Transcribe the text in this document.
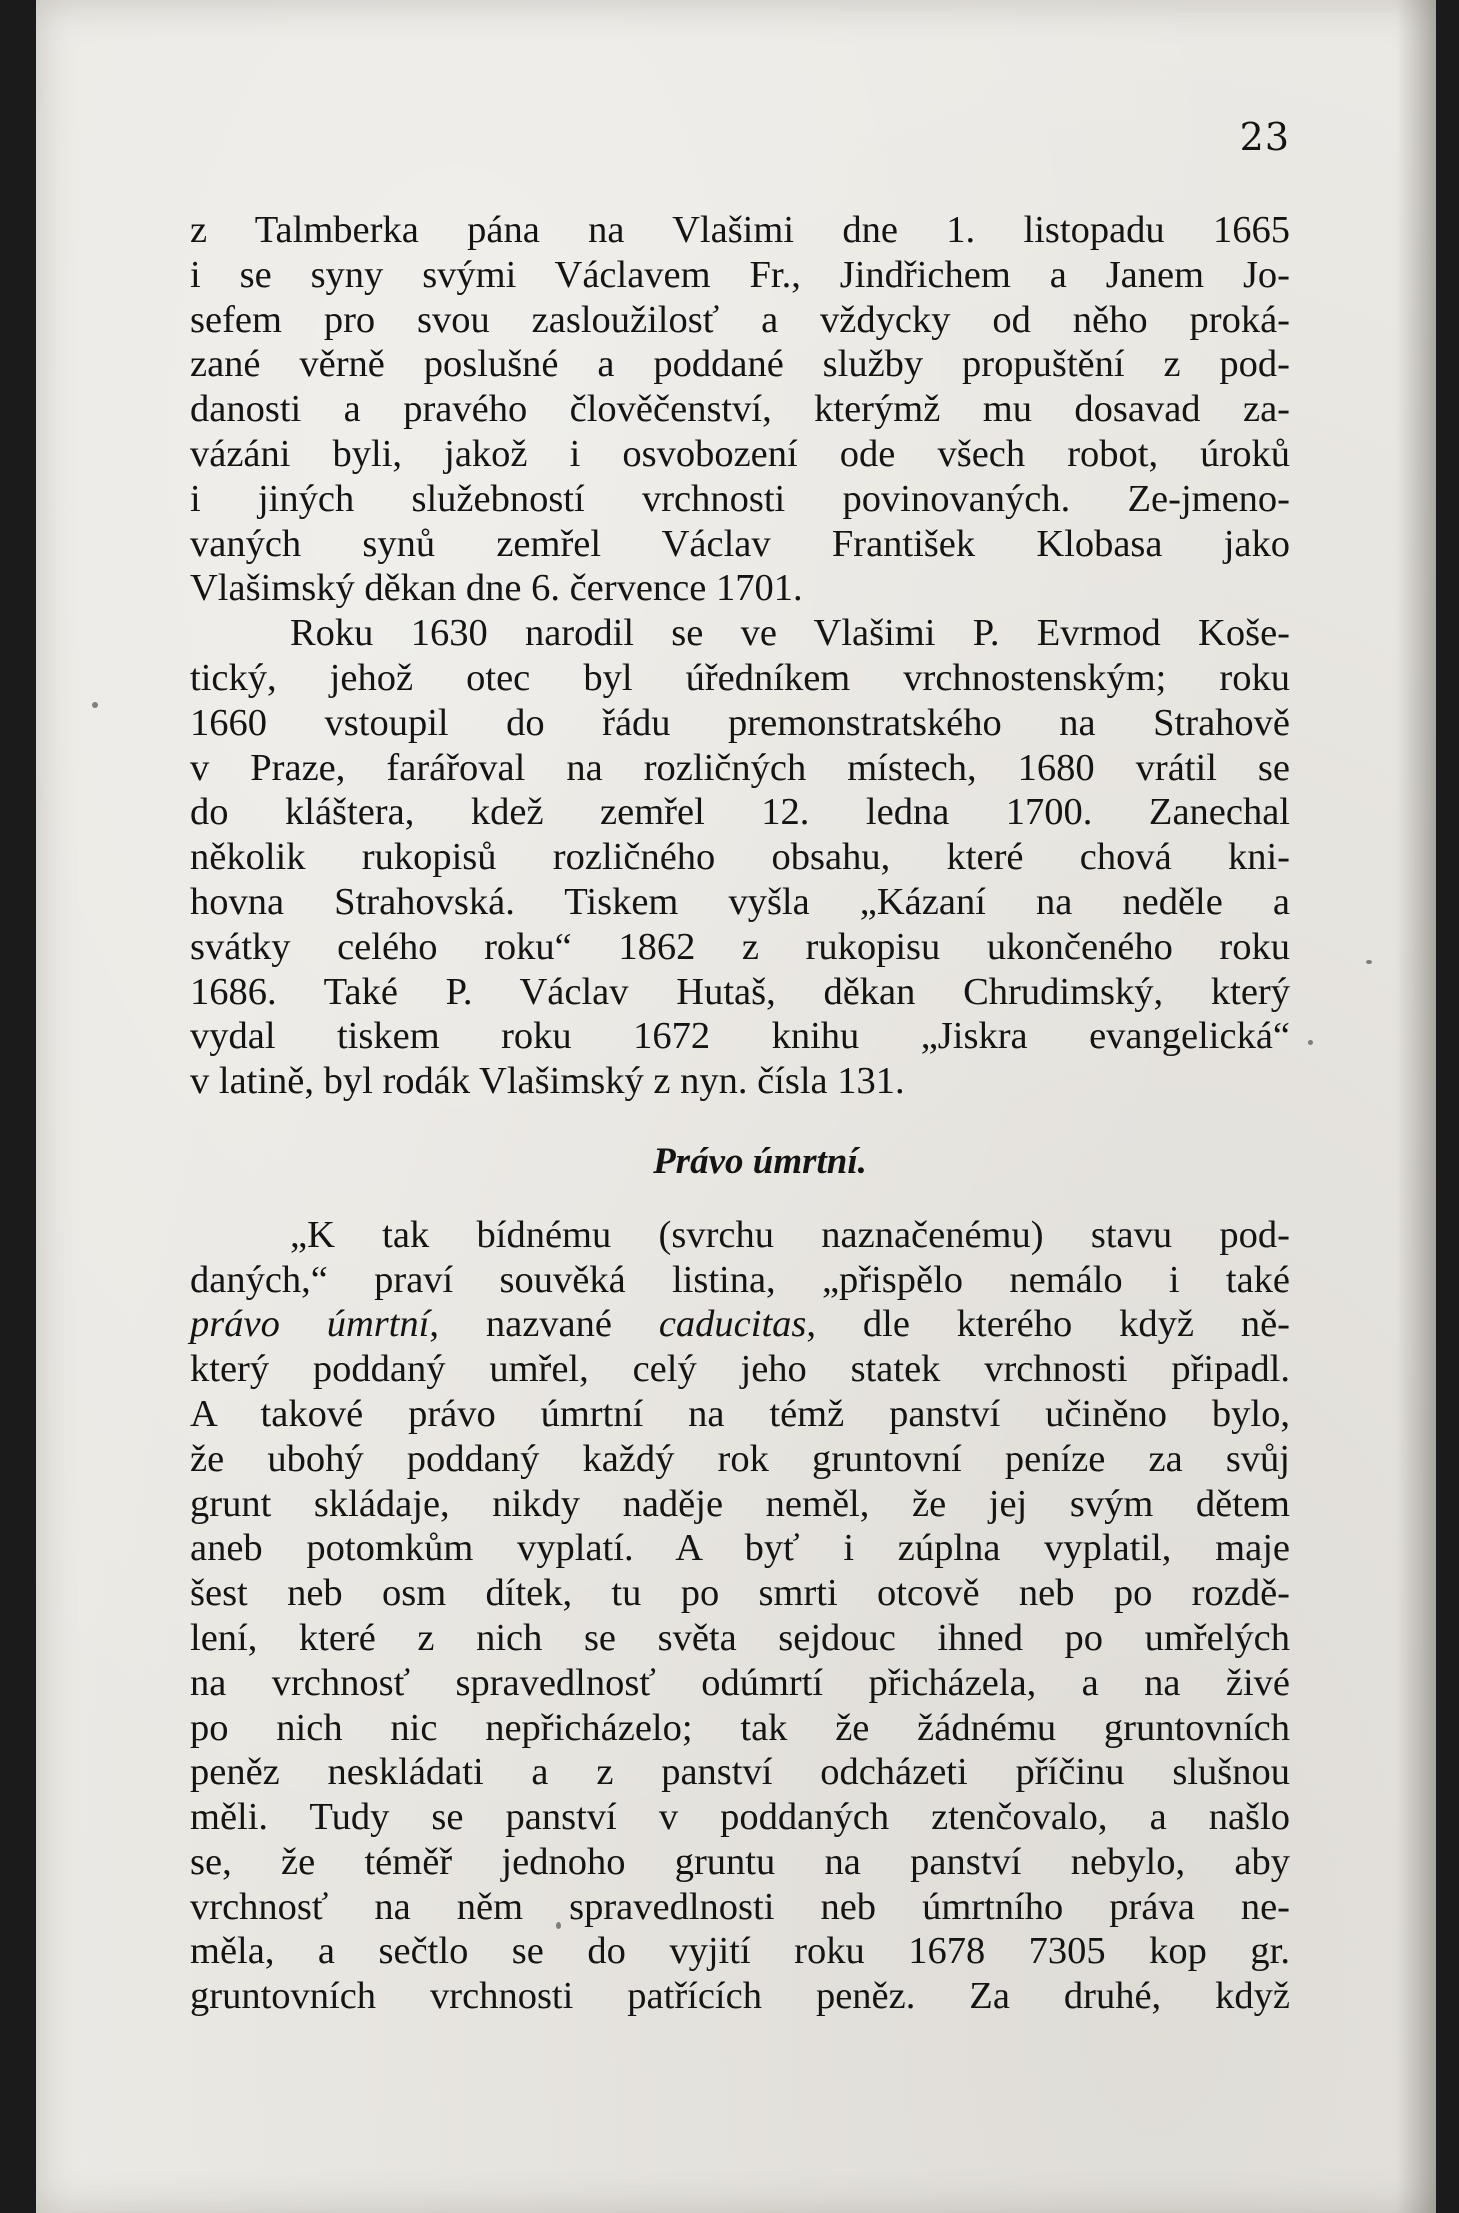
23
z Talmberka pána na Vlašimi dne 1. listopadu 1665
i se syny svými Václavem Fr., Jindřichem a Janem Jo-
sefem pro svou zasloužilosť a vždycky od něho proká-
zané věrně poslušné a poddané služby propuštění z pod-
danosti a pravého člověčenství, kterýmž mu dosavad za-
vázáni byli, jakož i osvobození ode všech robot, úroků
i jiných služebností vrchnosti povinovaných. Ze-jmeno-
vaných synů zemřel Václav František Klobasa jako
Vlašimský děkan dne 6. července 1701.
Roku 1630 narodil se ve Vlašimi P. Evrmod Koše-
tický, jehož otec byl úředníkem vrchnostenským; roku
1660 vstoupil do řádu premonstratského na Strahově
v Praze, farářoval na rozličných místech, 1680 vrátil se
do kláštera, kdež zemřel 12. ledna 1700. Zanechal
několik rukopisů rozličného obsahu, které chová kni-
hovna Strahovská. Tiskem vyšla „Kázaní na neděle a
svátky celého roku“ 1862 z rukopisu ukončeného roku
1686. Také P. Václav Hutaš, děkan Chrudimský, který
vydal tiskem roku 1672 knihu „Jiskra evangelická“
v latině, byl rodák Vlašimský z nyn. čísla 131.
Právo úmrtní.
„K tak bídnému (svrchu naznačenému) stavu pod-
daných,“ praví souvěká listina, „přispělo nemálo i také
právo úmrtní, nazvané caducitas, dle kterého když ně-
který poddaný umřel, celý jeho statek vrchnosti připadl.
A takové právo úmrtní na témž panství učiněno bylo,
že ubohý poddaný každý rok gruntovní peníze za svůj
grunt skládaje, nikdy naděje neměl, že jej svým dětem
aneb potomkům vyplatí. A byť i zúplna vyplatil, maje
šest neb osm dítek, tu po smrti otcově neb po rozdě-
lení, které z nich se světa sejdouc ihned po umřelých
na vrchnosť spravedlnosť odúmrtí přicházela, a na živé
po nich nic nepřicházelo; tak že žádnému gruntovních
peněz neskládati a z panství odcházeti příčinu slušnou
měli. Tudy se panství v poddaných ztenčovalo, a našlo
se, že téměř jednoho gruntu na panství nebylo, aby
vrchnosť na něm spravedlnosti neb úmrtního práva ne-
měla, a sečtlo se do vyjití roku 1678 7305 kop gr.
gruntovních vrchnosti patřících peněz. Za druhé, když
